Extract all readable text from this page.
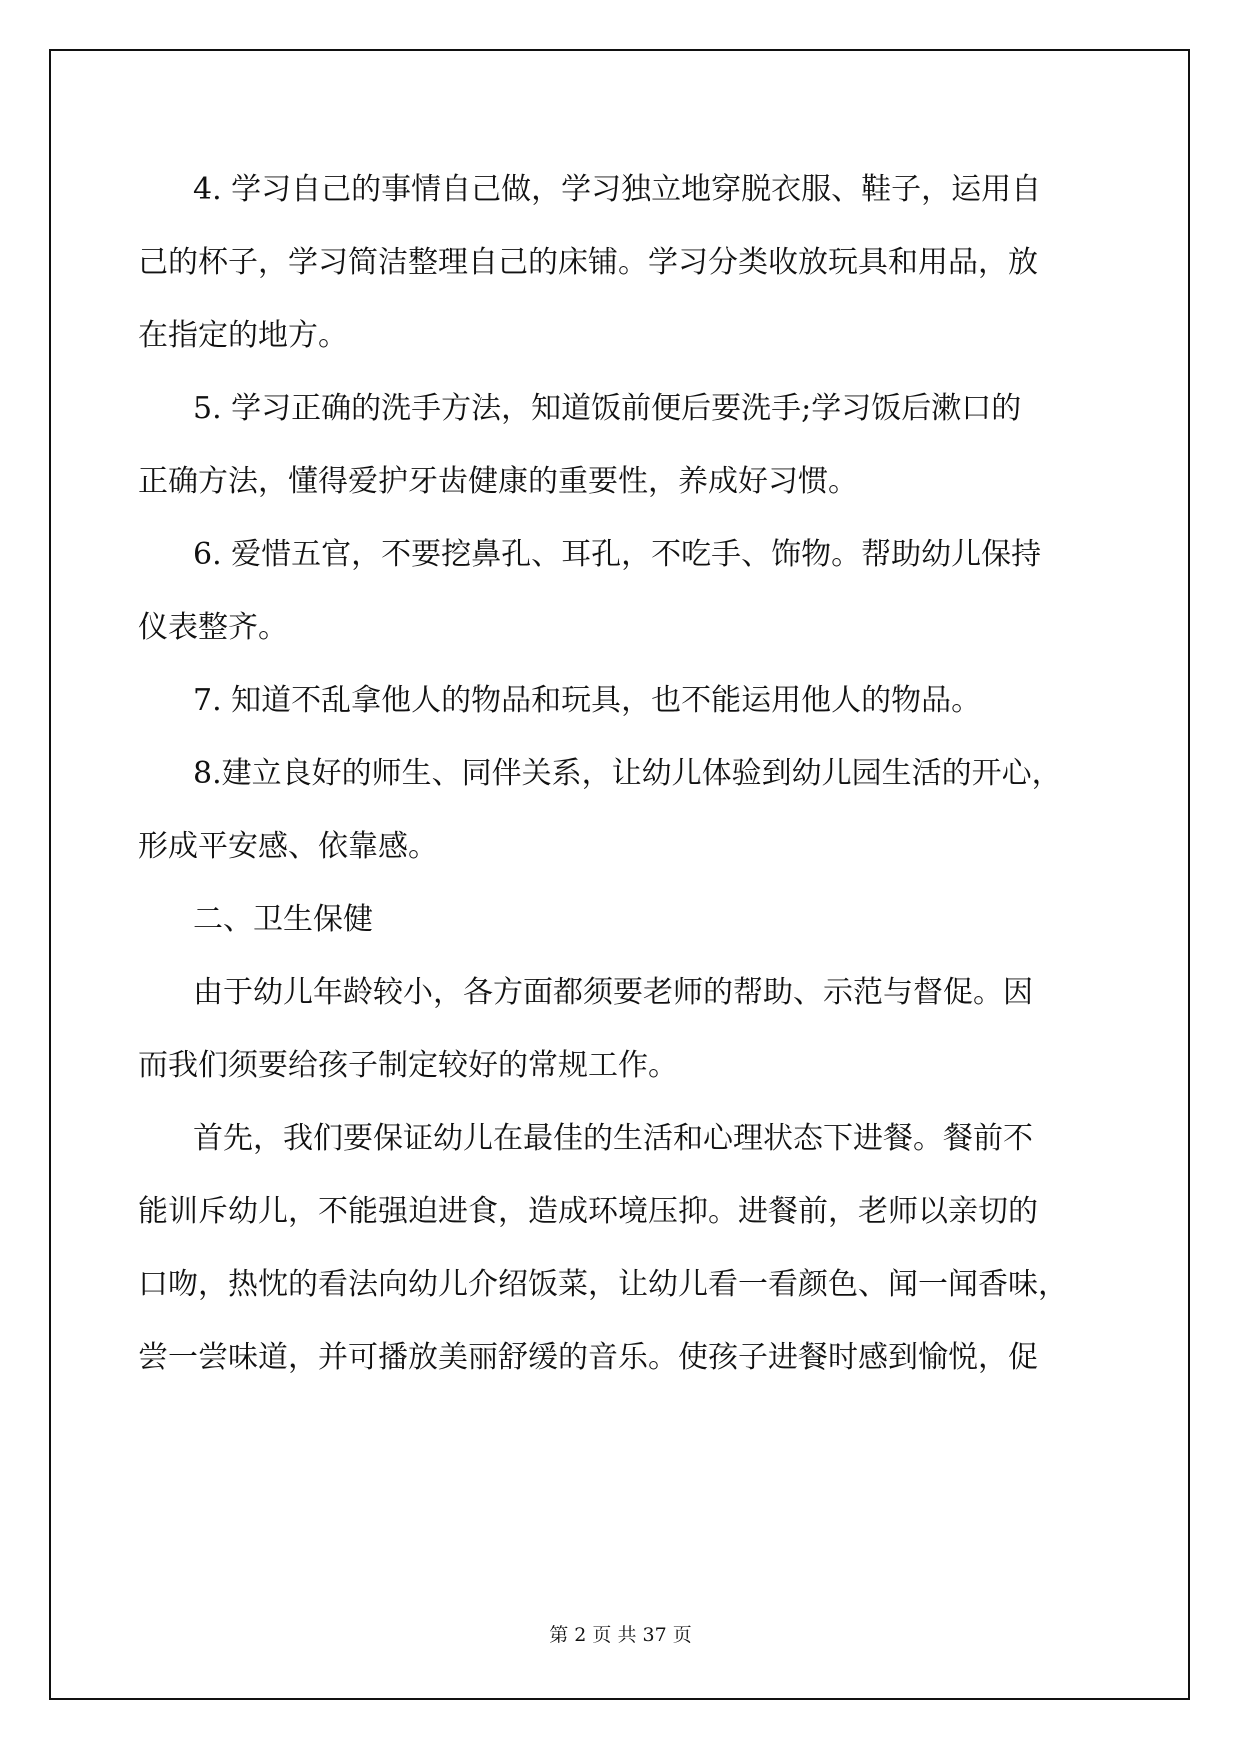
4. 学习自己的事情自己做，学习独立地穿脱衣服、鞋子，运用自
己的杯子，学习简洁整理自己的床铺。学习分类收放玩具和用品，放
在指定的地方。
5. 学习正确的洗手方法，知道饭前便后要洗手;学习饭后漱口的
正确方法，懂得爱护牙齿健康的重要性，养成好习惯。
6. 爱惜五官，不要挖鼻孔、耳孔，不吃手、饰物。帮助幼儿保持
仪表整齐。
7. 知道不乱拿他人的物品和玩具，也不能运用他人的物品。
8.建立良好的师生、同伴关系，让幼儿体验到幼儿园生活的开心，
形成平安感、依靠感。
二、卫生保健
由于幼儿年龄较小，各方面都须要老师的帮助、示范与督促。因
而我们须要给孩子制定较好的常规工作。
首先，我们要保证幼儿在最佳的生活和心理状态下进餐。餐前不
能训斥幼儿，不能强迫进食，造成环境压抑。进餐前，老师以亲切的
口吻，热忱的看法向幼儿介绍饭菜，让幼儿看一看颜色、闻一闻香味，
尝一尝味道，并可播放美丽舒缓的音乐。使孩子进餐时感到愉悦，促
第 2 页 共 37 页
